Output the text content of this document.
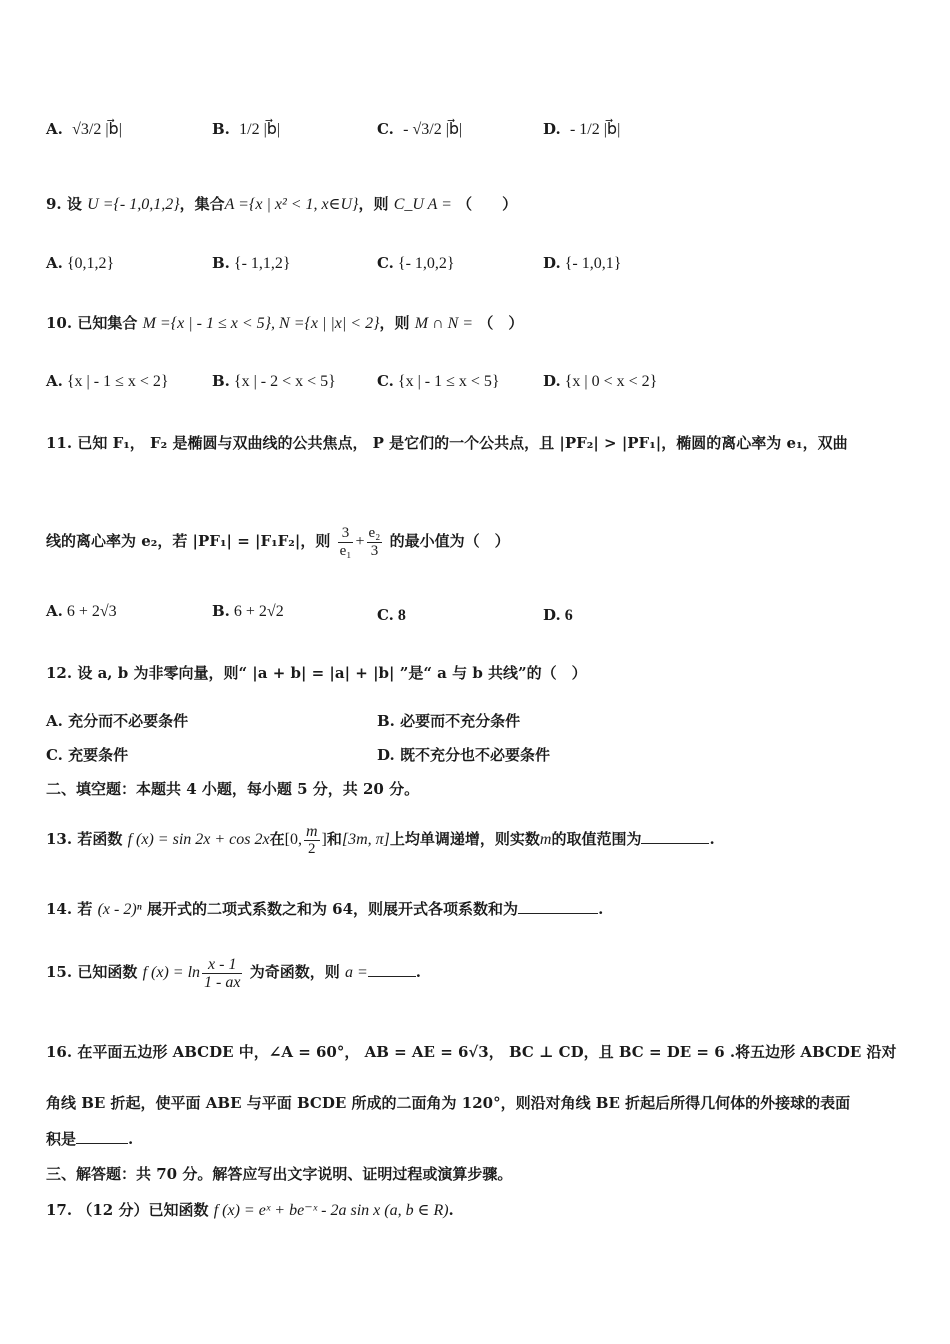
A. √3/2 |b⃗|	B. 1/2 |b⃗|	C. - √3/2 |b⃗|	D. - 1/2 |b⃗|
9. 设 U ={- 1,0,1,2}，集合A ={x | x² < 1, x∈U}，则 C_U A = （　　）
A. {0,1,2}	B. {- 1,1,2}	C. {- 1,0,2}	D. {- 1,0,1}
10. 已知集合 M ={x | - 1 ≤ x < 5}, N ={x | |x| < 2}，则 M ∩ N = （　）
A. {x | - 1 ≤ x < 2}	B. {x | - 2 < x < 5}	C. {x | - 1 ≤ x < 5}	D. {x | 0 < x < 2}
11. 已知 F₁， F₂ 是椭圆与双曲线的公共焦点， P 是它们的一个公共点，且 |PF₂| > |PF₁|，椭圆的离心率为 e₁，双曲
线的离心率为 e₂，若 |PF₁| = |F₁F₂|，则 $\frac{3}{\text{e₁}} + \frac{\text{e₂}}{3}$ 的最小值为（　）
A. 6 + 2√3	B. 6 + 2√2	C. 8	D. 6
12. 设 a, b 为非零向量，则“ |a + b| = |a| + |b| ”是“ a 与 b 共线”的（　）
A. 充分而不必要条件	B. 必要而不充分条件
C. 充要条件	D. 既不充分也不必要条件
二、填空题：本题共 4 小题，每小题 5 分，共 20 分。
13. 若函数 f (x) = sin 2x + cos 2x在[0, $\frac{m}{2}$ ]和[3m, π]上均单调递增，则实数m的取值范围为	.
14. 若 (x - 2)ⁿ 展开式的二项式系数之和为 64，则展开式各项系数和为	.
15. 已知函数 f $(x) = \ln \frac{x - 1}{1 - ax}$ 为奇函数，则 a =	.
16. 在平面五边形 ABCDE 中，∠A = 60°， AB = AE = 6√3， BC ⊥ CD，且 BC = DE = 6 .将五边形 ABCDE 沿对
角线 BE 折起，使平面 ABE 与平面 BCDE 所成的二面角为 120°，则沿对角线 BE 折起后所得几何体的外接球的表面
积是	.
三、解答题：共 70 分。解答应写出文字说明、证明过程或演算步骤。
17. （12 分）已知函数 f (x) = eˣ + be⁻ˣ - 2a sin x (a, b ∈ R).
